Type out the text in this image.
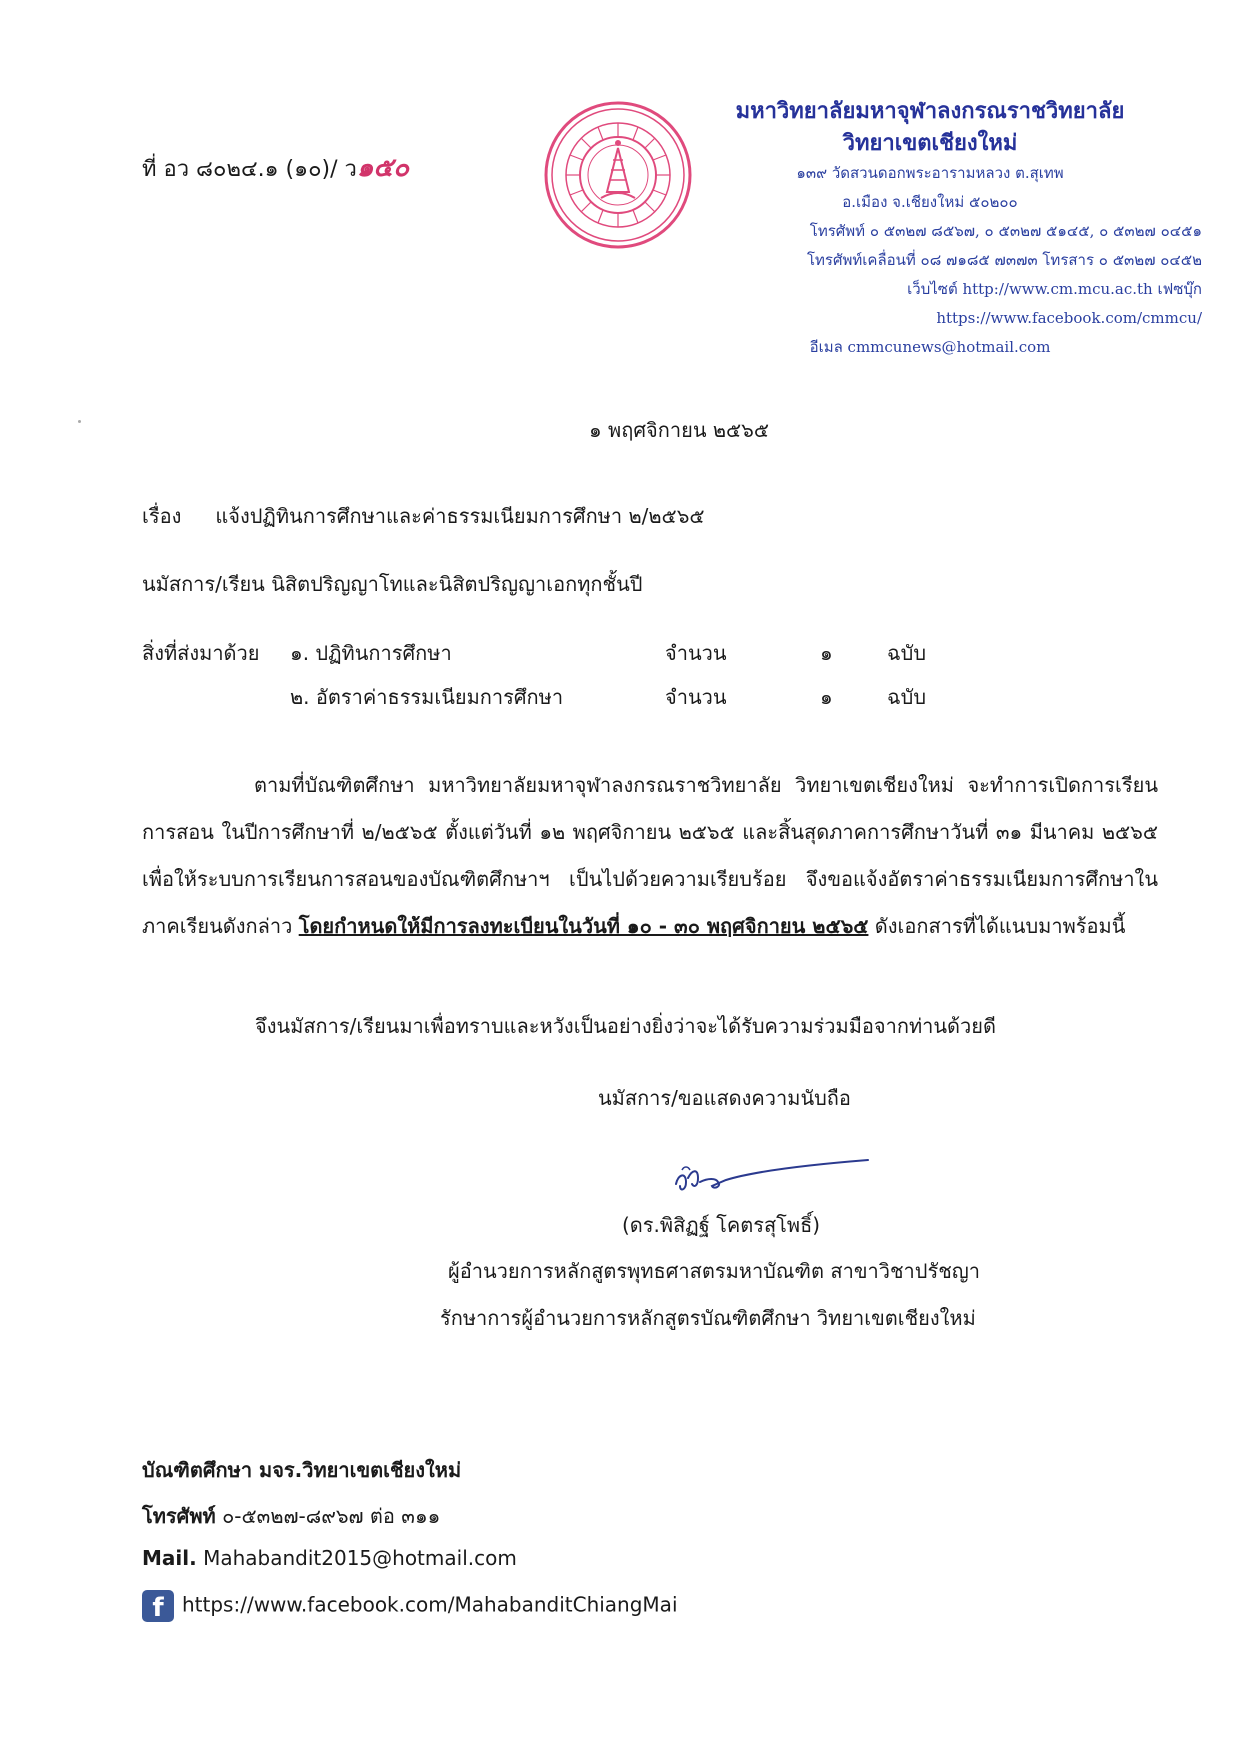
ที่ อว ๘๐๒๔.๑ (๑๐)/ ว๑๕๐
มหาวิทยาลัยมหาจุฬาลงกรณราชวิทยาลัย
วิทยาเขตเชียงใหม่
๑๓๙ วัดสวนดอกพระอารามหลวง ต.สุเทพ
อ.เมือง จ.เชียงใหม่ ๕๐๒๐๐
โทรศัพท์ ๐ ๕๓๒๗ ๘๕๖๗, ๐ ๕๓๒๗ ๕๑๔๕, ๐ ๕๓๒๗ ๐๔๕๑
โทรศัพท์เคลื่อนที่ ๐๘ ๗๑๘๕ ๗๓๗๓ โทรสาร ๐ ๕๓๒๗ ๐๔๕๒
เว็บไซต์ http://www.cm.mcu.ac.th เฟซบุ๊ก https://www.facebook.com/cmmcu/
อีเมล cmmcunews@hotmail.com
๑ พฤศจิกายน ๒๕๖๕
เรื่อง แจ้งปฏิทินการศึกษาและค่าธรรมเนียมการศึกษา ๒/๒๕๖๕
นมัสการ/เรียน นิสิตปริญญาโทและนิสิตปริญญาเอกทุกชั้นปี
สิ่งที่ส่งมาด้วย ๑. ปฏิทินการศึกษา	จำนวน	๑	ฉบับ
๒. อัตราค่าธรรมเนียมการศึกษา	จำนวน	๑	ฉบับ
ตามที่บัณฑิตศึกษา มหาวิทยาลัยมหาจุฬาลงกรณราชวิทยาลัย วิทยาเขตเชียงใหม่ จะทำการเปิดการเรียนการสอน ในปีการศึกษาที่ ๒/๒๕๖๕ ตั้งแต่วันที่ ๑๒ พฤศจิกายน ๒๕๖๕ และสิ้นสุดภาคการศึกษาวันที่ ๓๑ มีนาคม ๒๕๖๕ เพื่อให้ระบบการเรียนการสอนของบัณฑิตศึกษาฯ เป็นไปด้วยความเรียบร้อย จึงขอแจ้งอัตราค่าธรรมเนียมการศึกษาในภาคเรียนดังกล่าว โดยกำหนดให้มีการลงทะเบียนในวันที่ ๑๐ - ๓๐ พฤศจิกายน ๒๕๖๕ ดังเอกสารที่ได้แนบมาพร้อมนี้
จึงนมัสการ/เรียนมาเพื่อทราบและหวังเป็นอย่างยิ่งว่าจะได้รับความร่วมมือจากท่านด้วยดี
นมัสการ/ขอแสดงความนับถือ
(ดร.พิสิฏฐ์ โคตรสุโพธิ์)
ผู้อำนวยการหลักสูตรพุทธศาสตรมหาบัณฑิต สาขาวิชาปรัชญา
รักษาการผู้อำนวยการหลักสูตรบัณฑิตศึกษา วิทยาเขตเชียงใหม่
บัณฑิตศึกษา มจร.วิทยาเขตเชียงใหม่
โทรศัพท์ ๐-๕๓๒๗-๘๙๖๗ ต่อ ๓๑๑
Mail. Mahabandit2015@hotmail.com
f https://www.facebook.com/MahabanditChiangMai
